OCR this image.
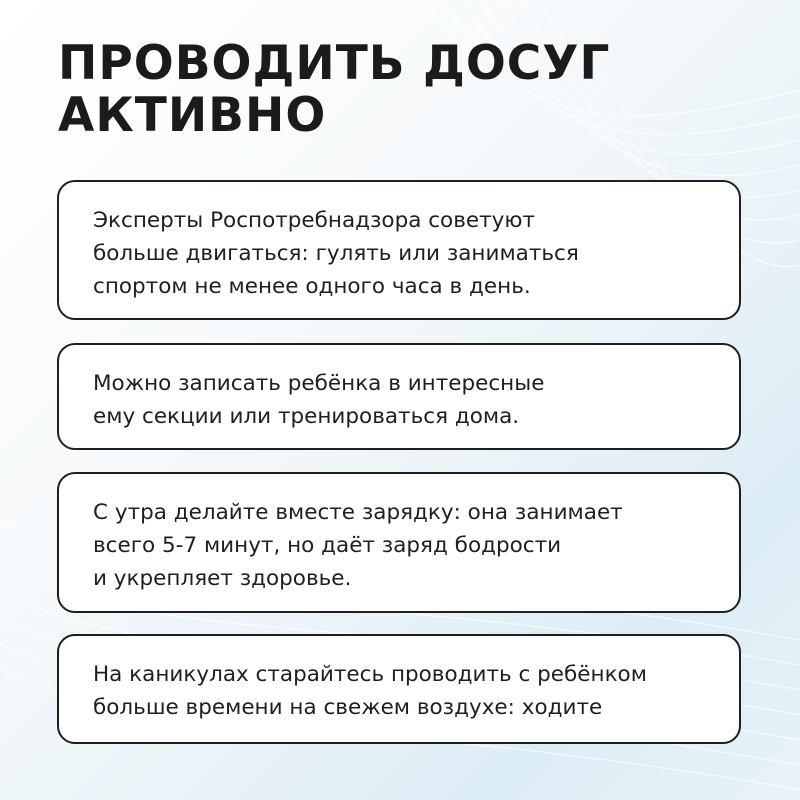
ПРОВОДИТЬ ДОСУГ
АКТИВНО
Эксперты Роспотребнадзора советуют
больше двигаться: гулять или заниматься
спортом не менее одного часа в день.
Можно записать ребёнка в интересные
ему секции или тренироваться дома.
С утра делайте вместе зарядку: она занимает
всего 5-7 минут, но даёт заряд бодрости
и укрепляет здоровье.
На каникулах старайтесь проводить с ребёнком
больше времени на свежем воздухе: ходите
